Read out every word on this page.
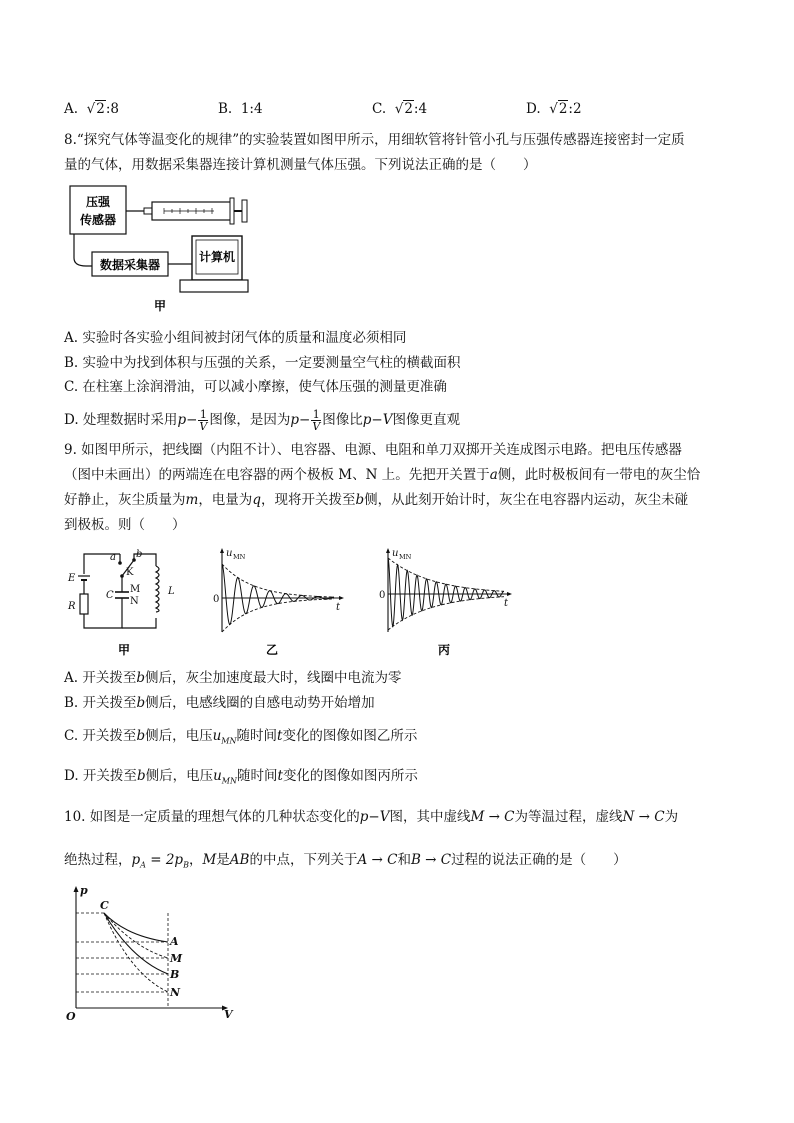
A.  √2:8	B. 1:4	C.  √2:4	D.  √2:2
8.“探究气体等温变化的规律”的实验装置如图甲所示，用细软管将针管小孔与压强传感器连接密封一定质
量的气体，用数据采集器连接计算机测量气体压强。下列说法正确的是（　　）
压强
传感器
数据采集器
计算机
甲
A. 实验时各实验小组间被封闭气体的质量和温度必须相同
B. 实验中为找到体积与压强的关系，一定要测量空气柱的横截面积
C. 在柱塞上涂润滑油，可以减小摩擦，使气体压强的测量更准确
D. 处理数据时采用$p- \frac{1}{V}$ 图像，是因为$p- \frac{1}{V}$ 图像比p−V图像更直观
9. 如图甲所示，把线圈（内阻不计）、电容器、电源、电阻和单刀双掷开关连成图示电路。把电压传感器
（图中未画出）的两端连在电容器的两个极板 M、N 上。先把开关置于a侧，此时极板间有一带电的灰尘恰
好静止，灰尘质量为m，电量为q，现将开关拨至b侧，从此刻开始计时，灰尘在电容器内运动，灰尘未碰
到极板。则（　　）
a b
K
E
R
C
M
N
L
甲
u MN
0
t
乙
u MN
0
t
丙
A. 开关拨至b侧后，灰尘加速度最大时，线圈中电流为零
B. 开关拨至b侧后，电感线圈的自感电动势开始增加
C. 开关拨至b侧后，电压$u_{MN}$随时间t变化的图像如图乙所示
D. 开关拨至b侧后，电压$u_{MN}$随时间t变化的图像如图丙所示
10. 如图是一定质量的理想气体的几种状态变化的p−V图，其中虚线M → C为等温过程，虚线N → C为
绝热过程，$p_A = 2p_B$，M是AB的中点，下列关于A → C和B → C过程的说法正确的是（　　）
p
O	V
C
A
M
B
N
